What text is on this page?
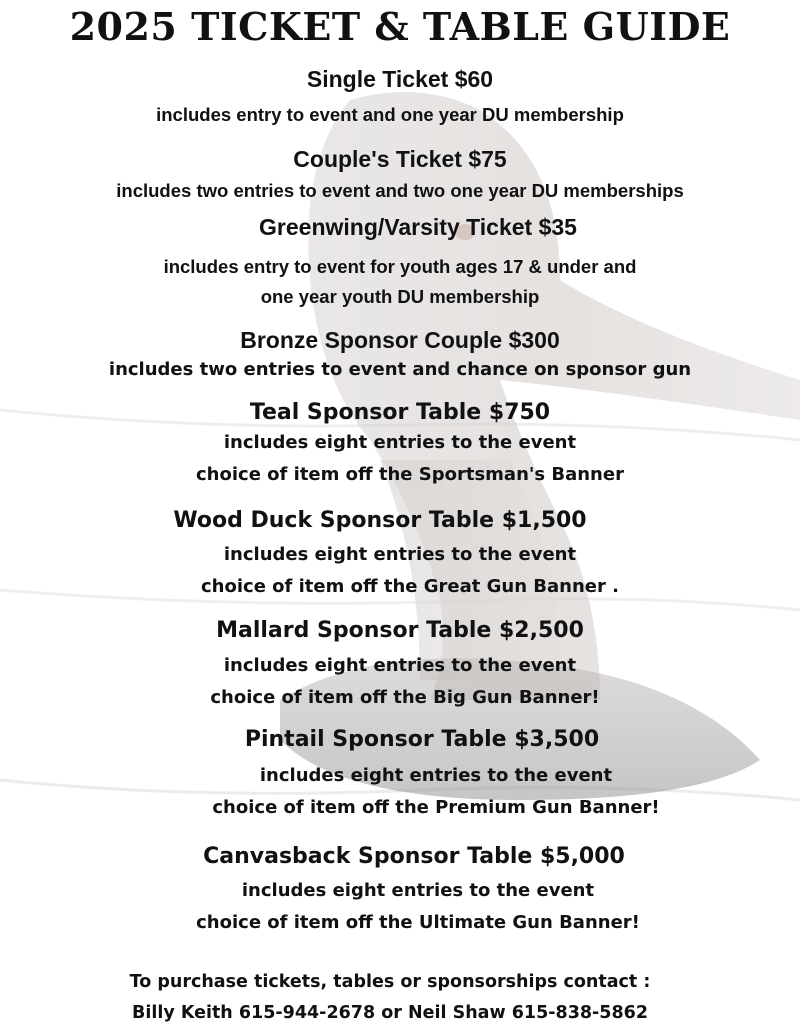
2025 TICKET & TABLE GUIDE
Single Ticket $60
includes entry to event and one year DU membership
Couple's Ticket $75
includes two entries to event and two one year DU memberships
Greenwing/Varsity Ticket $35
includes entry to event for youth ages 17 & under and
one year youth DU membership
Bronze Sponsor Couple $300
includes two entries to event and chance on sponsor gun
Teal Sponsor Table $750
includes eight entries to the event
choice of item off the Sportsman's Banner
Wood Duck Sponsor Table $1,500
includes eight entries to the event
choice of item off the Great Gun Banner .
Mallard Sponsor Table $2,500
includes eight entries to the event
choice of item off the Big Gun Banner!
Pintail Sponsor Table $3,500
includes eight entries to the event
choice of item off the Premium Gun Banner!
Canvasback Sponsor Table $5,000
includes eight entries to the event
choice of item off the Ultimate Gun Banner!
To purchase tickets, tables or sponsorships contact :
Billy Keith 615-944-2678 or Neil Shaw 615-838-5862
